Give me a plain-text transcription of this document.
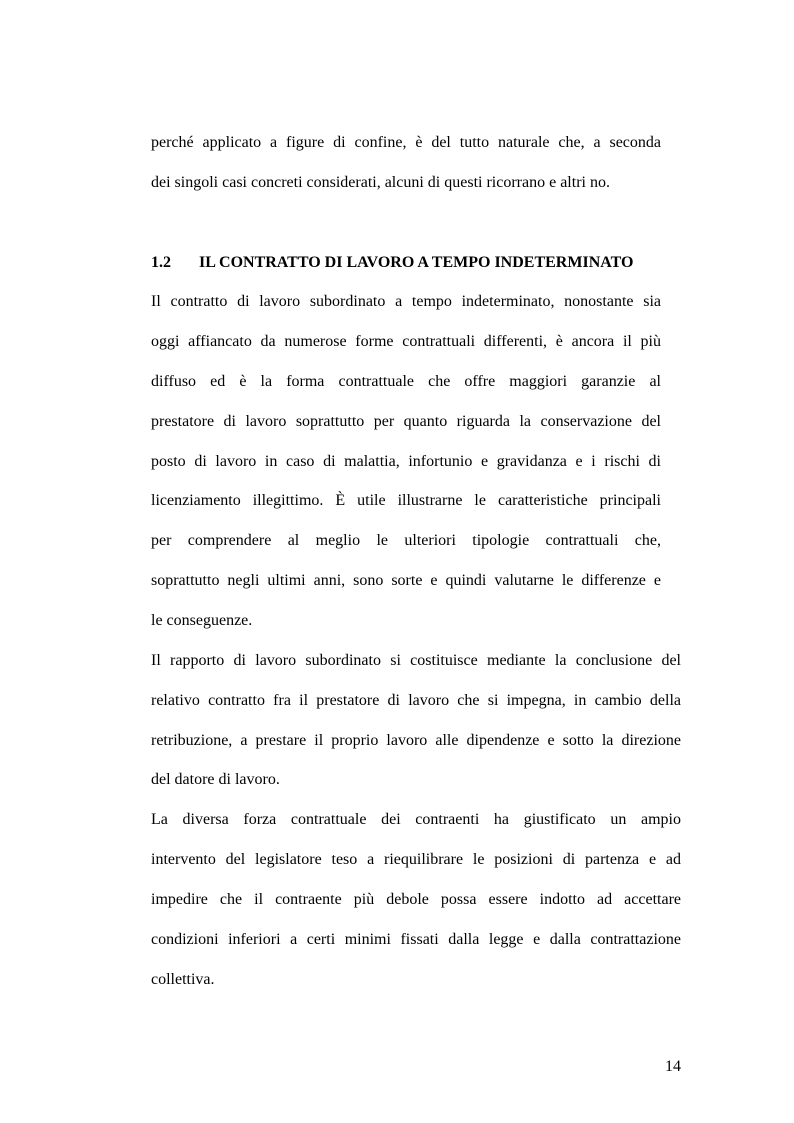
perché applicato a figure di confine, è del tutto naturale che, a seconda
dei singoli casi concreti considerati, alcuni di questi ricorrano e altri no.
1.2 IL CONTRATTO DI LAVORO A TEMPO INDETERMINATO
Il contratto di lavoro subordinato a tempo indeterminato, nonostante sia
oggi affiancato da numerose forme contrattuali differenti, è ancora il più
diffuso ed è la forma contrattuale che offre maggiori garanzie al
prestatore di lavoro soprattutto per quanto riguarda la conservazione del
posto di lavoro in caso di malattia, infortunio e gravidanza e i rischi di
licenziamento illegittimo. È utile illustrarne le caratteristiche principali
per comprendere al meglio le ulteriori tipologie contrattuali che,
soprattutto negli ultimi anni, sono sorte e quindi valutarne le differenze e
le conseguenze.
Il rapporto di lavoro subordinato si costituisce mediante la conclusione del
relativo contratto fra il prestatore di lavoro che si impegna, in cambio della
retribuzione, a prestare il proprio lavoro alle dipendenze e sotto la direzione
del datore di lavoro.
La diversa forza contrattuale dei contraenti ha giustificato un ampio
intervento del legislatore teso a riequilibrare le posizioni di partenza e ad
impedire che il contraente più debole possa essere indotto ad accettare
condizioni inferiori a certi minimi fissati dalla legge e dalla contrattazione
collettiva.
14
